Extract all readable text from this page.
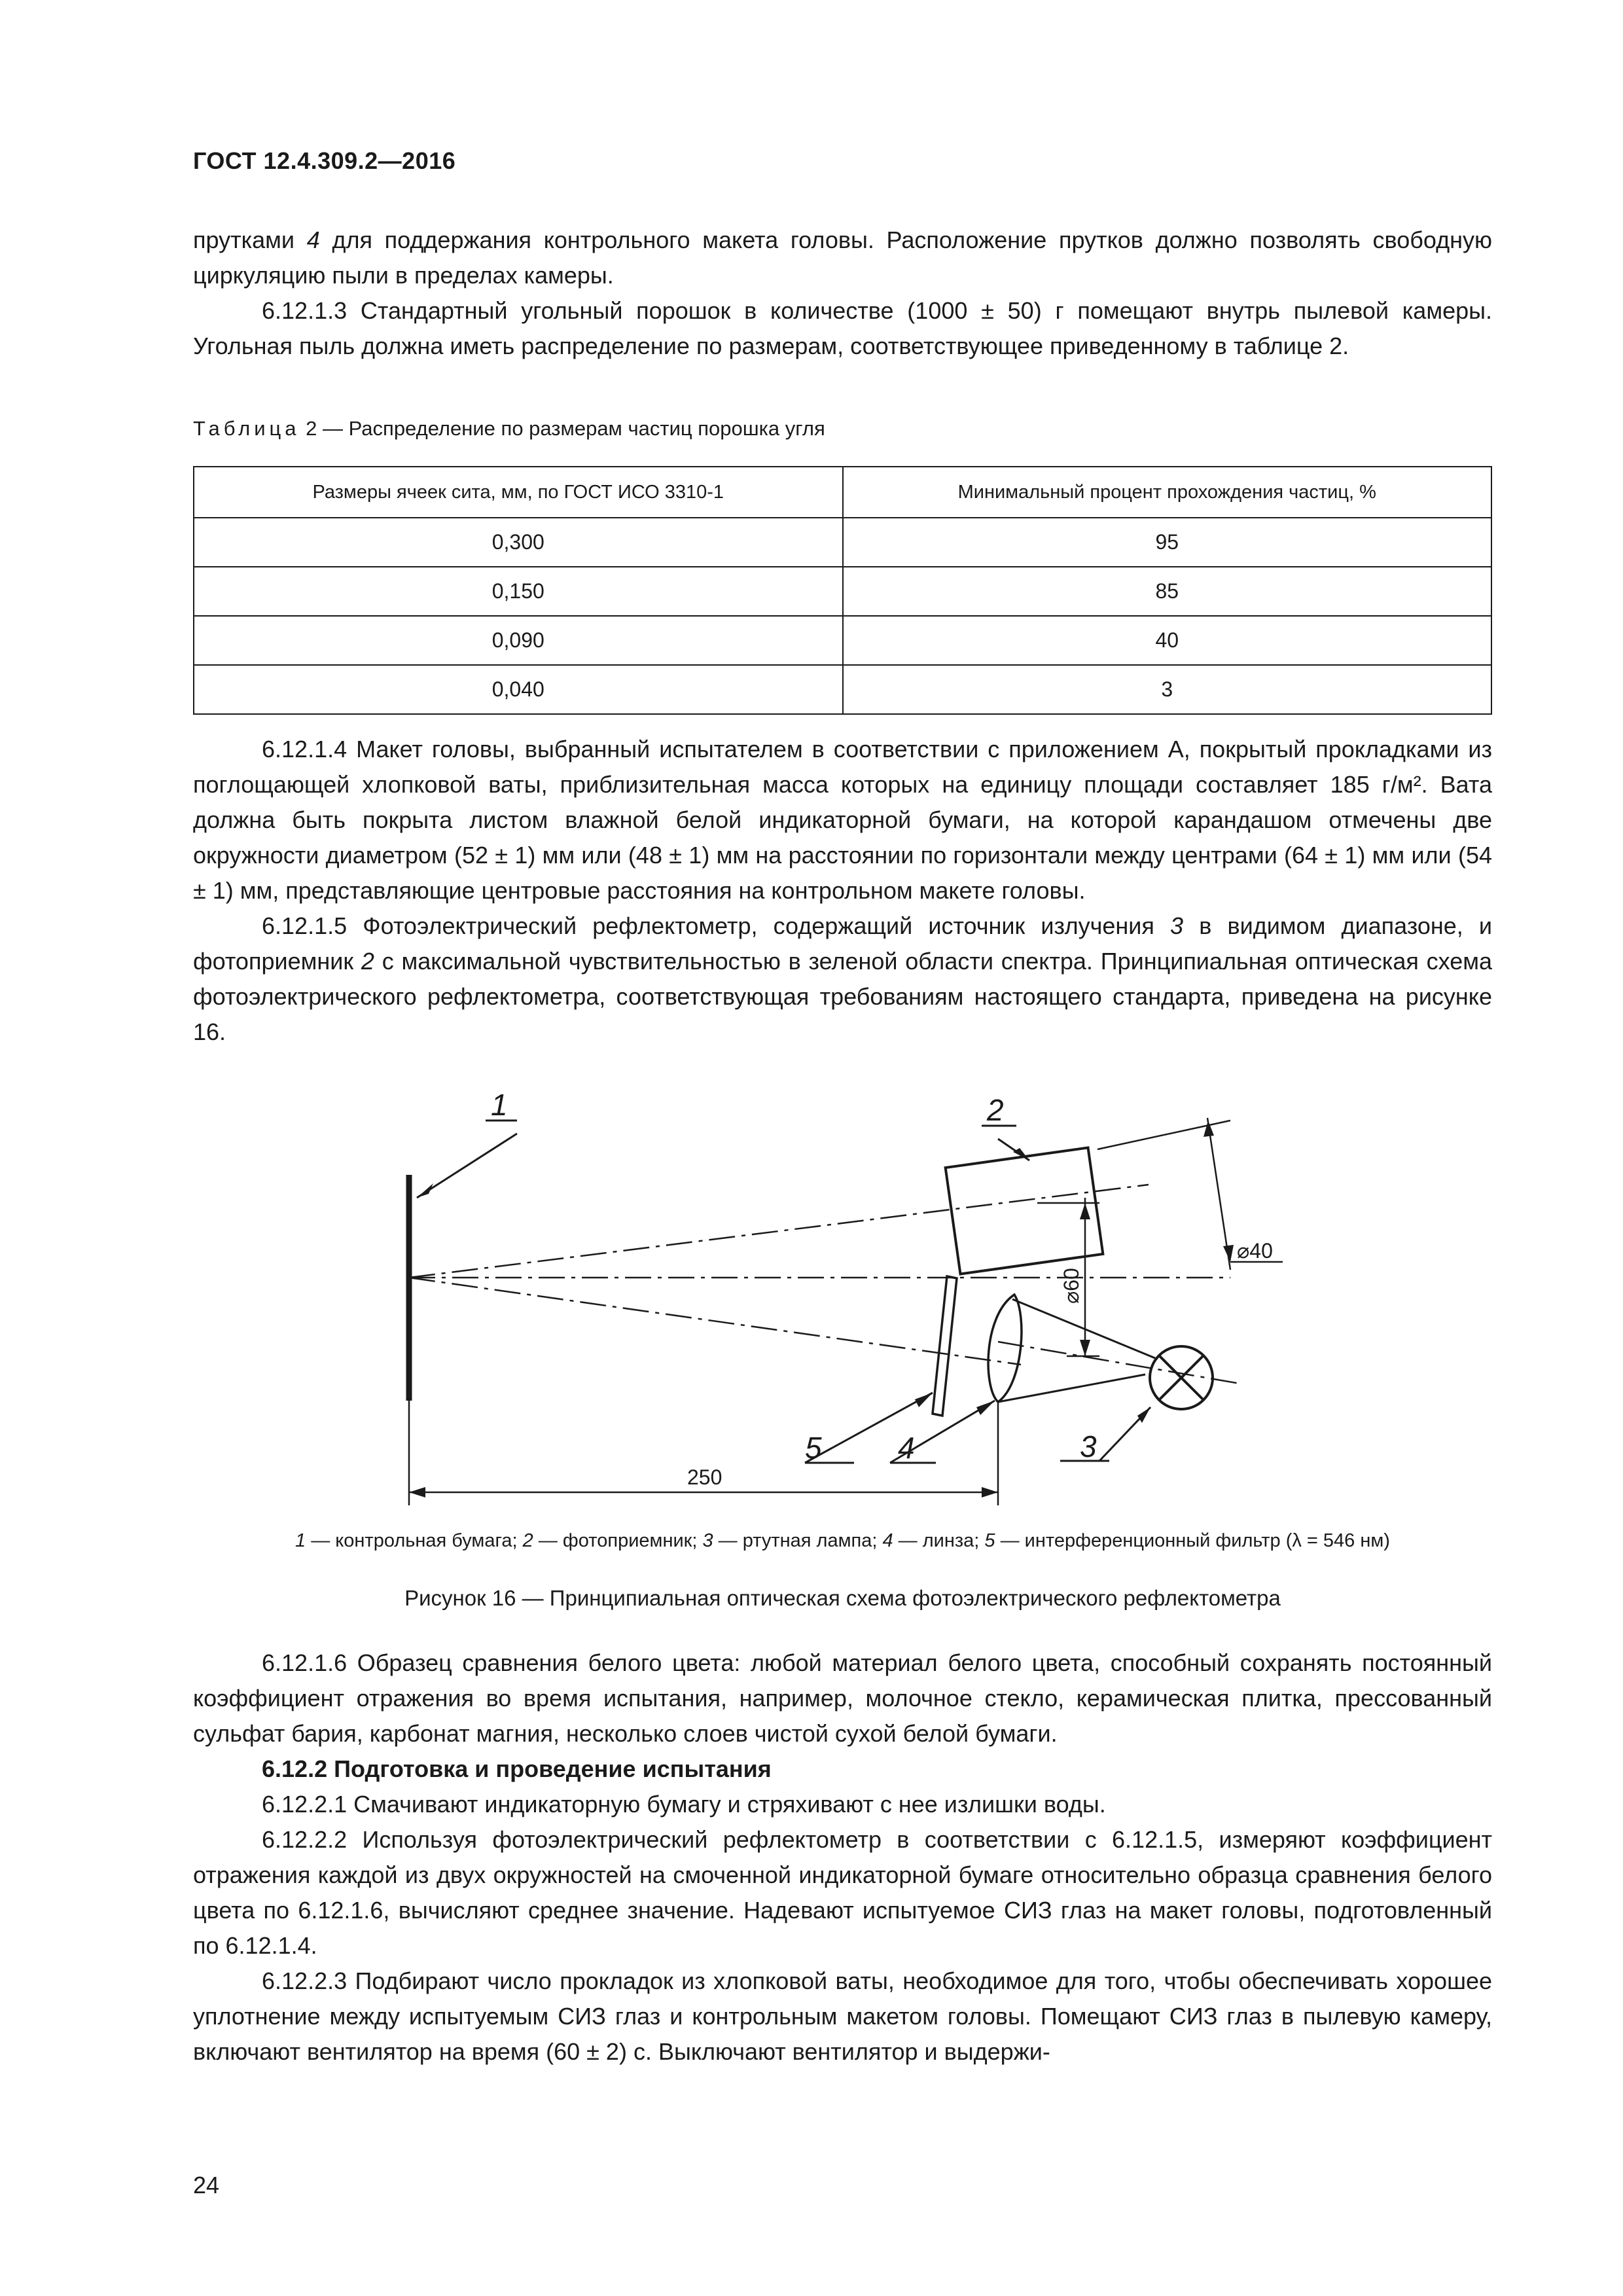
ГОСТ 12.4.309.2—2016

прутками 4 для поддержания контрольного макета головы. Расположение прутков должно позволять свободную циркуляцию пыли в пределах камеры.

6.12.1.3 Стандартный угольный порошок в количестве (1000 ± 50) г помещают внутрь пылевой камеры. Угольная пыль должна иметь распределение по размерам, соответствующее приведенному в таблице 2.

Таблица 2 — Распределение по размерам частиц порошка угля
Размеры ячеек сита, мм, по ГОСТ ИСО 3310-1	Минимальный процент прохождения частиц, %
0,300	95
0,150	85
0,090	40
0,040	3

6.12.1.4 Макет головы, выбранный испытателем в соответствии с приложением А, покрытый прокладками из поглощающей хлопковой ваты, приблизительная масса которых на единицу площади составляет 185 г/м². Вата должна быть покрыта листом влажной белой индикаторной бумаги, на которой карандашом отмечены две окружности диаметром (52 ± 1) мм или (48 ± 1) мм на расстоянии по горизонтали между центрами (64 ± 1) мм или (54 ± 1) мм, представляющие центровые расстояния на контрольном макете головы.

6.12.1.5 Фотоэлектрический рефлектометр, содержащий источник излучения 3 в видимом диапазоне, и фотоприемник 2 с максимальной чувствительностью в зеленой области спектра. Принципиальная оптическая схема фотоэлектрического рефлектометра, соответствующая требованиям настоящего стандарта, приведена на рисунке 16.

1	2
3
4
5
250
⌀40
⌀60
1 — контрольная бумага; 2 — фотоприемник; 3 — ртутная лампа; 4 — линза; 5 — интерференционный фильтр (λ = 546 нм)
Рисунок 16 — Принципиальная оптическая схема фотоэлектрического рефлектометра

6.12.1.6 Образец сравнения белого цвета: любой материал белого цвета, способный сохранять постоянный коэффициент отражения во время испытания, например, молочное стекло, керамическая плитка, прессованный сульфат бария, карбонат магния, несколько слоев чистой сухой белой бумаги.

6.12.2 Подготовка и проведение испытания

6.12.2.1 Смачивают индикаторную бумагу и стряхивают с нее излишки воды.

6.12.2.2 Используя фотоэлектрический рефлектометр в соответствии с 6.12.1.5, измеряют коэффициент отражения каждой из двух окружностей на смоченной индикаторной бумаге относительно образца сравнения белого цвета по 6.12.1.6, вычисляют среднее значение. Надевают испытуемое СИЗ глаз на макет головы, подготовленный по 6.12.1.4.

6.12.2.3 Подбирают число прокладок из хлопковой ваты, необходимое для того, чтобы обеспечивать хорошее уплотнение между испытуемым СИЗ глаз и контрольным макетом головы. Помещают СИЗ глаз в пылевую камеру, включают вентилятор на время (60 ± 2) с. Выключают вентилятор и выдержи-

24
